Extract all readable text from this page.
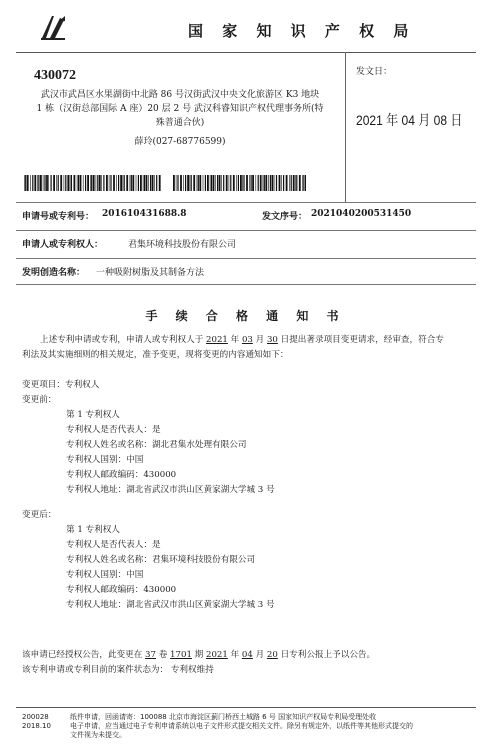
国 家 知 识 产 权 局
430072
武汉市武昌区水果湖街中北路 86 号汉街武汉中央文化旅游区 K3 地块
1 栋（汉街总部国际 A 座）20 层 2 号 武汉科睿知识产权代理事务所(特
殊普通合伙)
薛玲(027-68776599)
发文日：
2021 年 04 月 08 日
申请号或专利号： 201610431688.8	发文序号： 2021040200531450
申请人或专利权人：	君集环境科技股份有限公司
发明创造名称： 一种吸附树脂及其制备方法
手 续 合 格 通 知 书
上述专利申请或专利，申请人或专利权人于 2021 年 03 月 30 日提出著录项目变更请求，经审查，符合专
利法及其实施细则的相关规定，准予变更，现将变更的内容通知如下：
变更项目：专利权人
变更前：
第 1 专利权人
专利权人是否代表人：是
专利权人姓名或名称：湖北君集水处理有限公司
专利权人国别：中国
专利权人邮政编码：430000
专利权人地址：湖北省武汉市洪山区黄家湖大学城 3 号
变更后：
第 1 专利权人
专利权人是否代表人：是
专利权人姓名或名称：君集环境科技股份有限公司
专利权人国别：中国
专利权人邮政编码：430000
专利权人地址：湖北省武汉市洪山区黄家湖大学城 3 号
该申请已经授权公告，此变更在 37 卷 1701 期 2021 年 04 月 20 日专利公报上予以公告。
该专利申请或专利目前的案件状态为： 专利权维持
200028
2018.10
纸件申请，回函请寄：100088 北京市海淀区蓟门桥西土城路 6 号 国家知识产权局专利局受理处收
电子申请，应当通过电子专利申请系统以电子文件形式提交相关文件。除另有规定外，以纸件等其他形式提交的
文件视为未提交。
